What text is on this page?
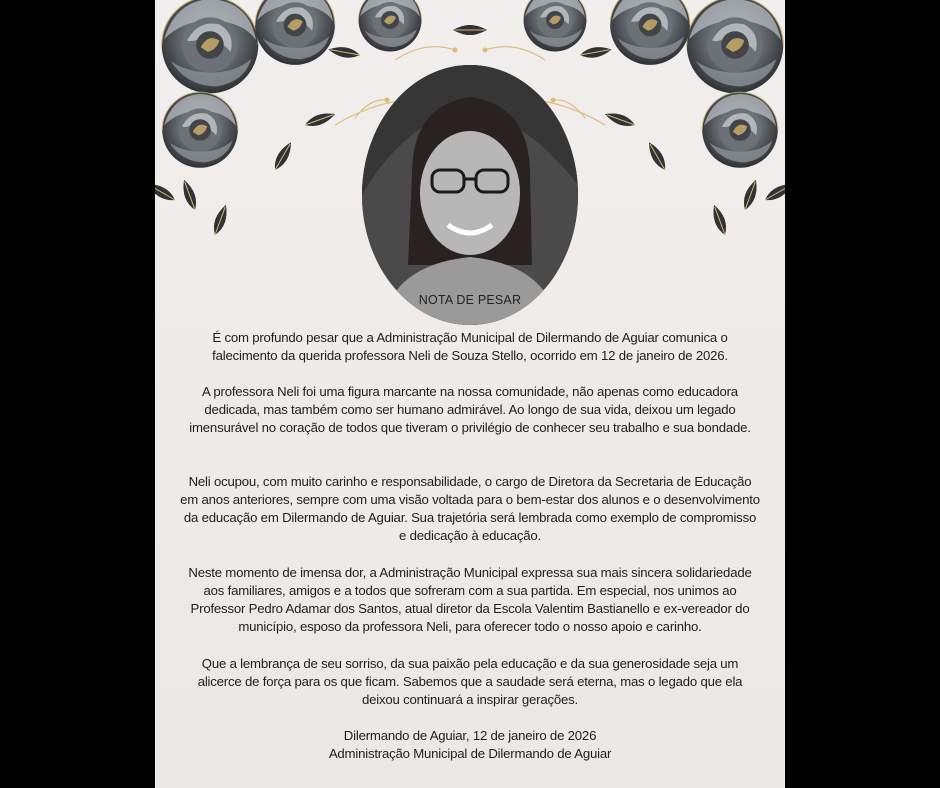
NOTA DE PESAR
É com profundo pesar que a Administração Municipal de Dilermando de Aguiar comunica o falecimento da querida professora Neli de Souza Stello, ocorrido em 12 de janeiro de 2026.
A professora Neli foi uma figura marcante na nossa comunidade, não apenas como educadora dedicada, mas também como ser humano admirável. Ao longo de sua vida, deixou um legado imensurável no coração de todos que tiveram o privilégio de conhecer seu trabalho e sua bondade.
Neli ocupou, com muito carinho e responsabilidade, o cargo de Diretora da Secretaria de Educação em anos anteriores, sempre com uma visão voltada para o bem-estar dos alunos e o desenvolvimento da educação em Dilermando de Aguiar. Sua trajetória será lembrada como exemplo de compromisso e dedicação à educação.
Neste momento de imensa dor, a Administração Municipal expressa sua mais sincera solidariedade aos familiares, amigos e a todos que sofreram com a sua partida. Em especial, nos unimos ao Professor Pedro Adamar dos Santos, atual diretor da Escola Valentim Bastianello e ex-vereador do município, esposo da professora Neli, para oferecer todo o nosso apoio e carinho.
Que a lembrança de seu sorriso, da sua paixão pela educação e da sua generosidade seja um alicerce de força para os que ficam. Sabemos que a saudade será eterna, mas o legado que ela deixou continuará a inspirar gerações.
Dilermando de Aguiar, 12 de janeiro de 2026
Administração Municipal de Dilermando de Aguiar
